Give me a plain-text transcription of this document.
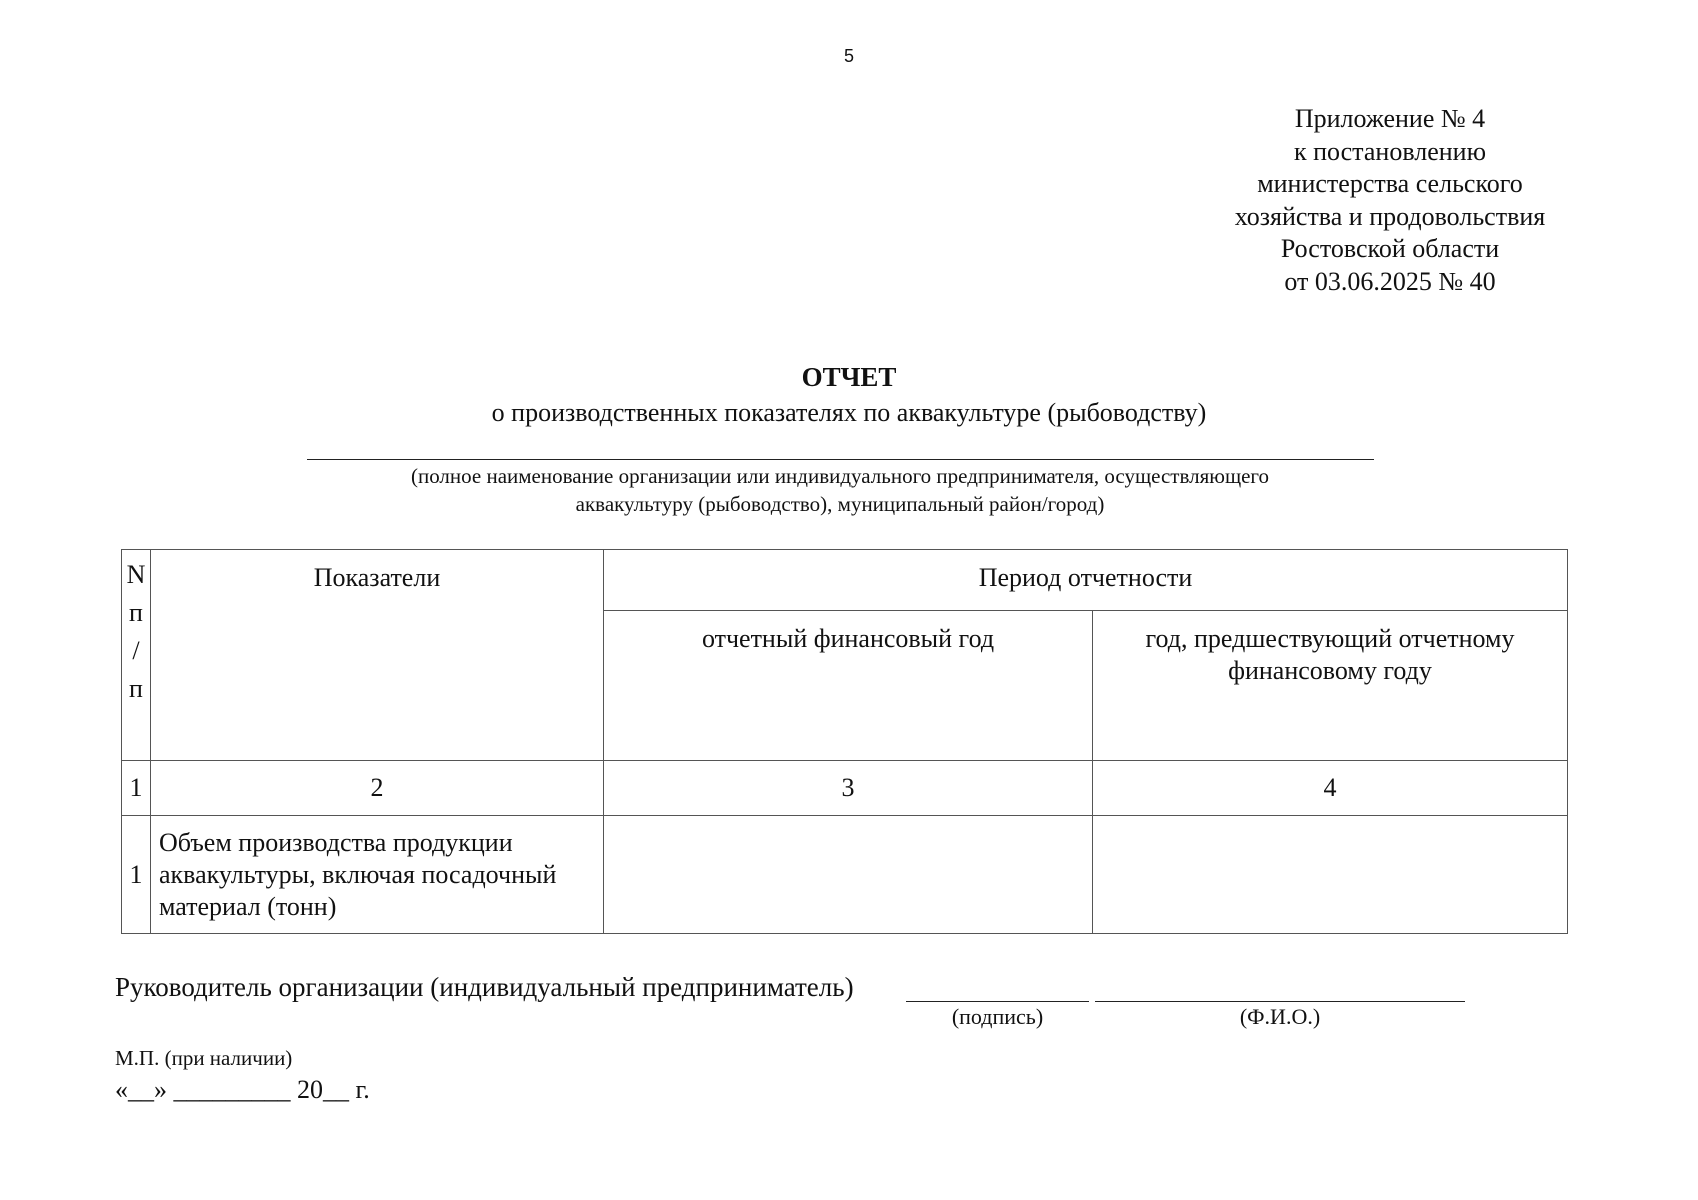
5
Приложение № 4
к постановлению
министерства сельского
хозяйства и продовольствия
Ростовской области
от 03.06.2025 № 40
ОТЧЕТ
о производственных показателях по аквакультуре (рыбоводству)
(полное наименование организации или индивидуального предпринимателя, осуществляющего
аквакультуру (рыбоводство), муниципальный район/город)
N
п
/
п	Показатели	Период отчетности	
		отчетный финансовый год	год, предшествующий отчетному финансовому году
1	2	3	4
1	Объем производства продукции аквакультуры, включая посадочный материал (тонн)		
Руководитель организации (индивидуальный предприниматель)
(подпись)	(Ф.И.О.)
М.П. (при наличии)
«__» _________ 20__ г.
